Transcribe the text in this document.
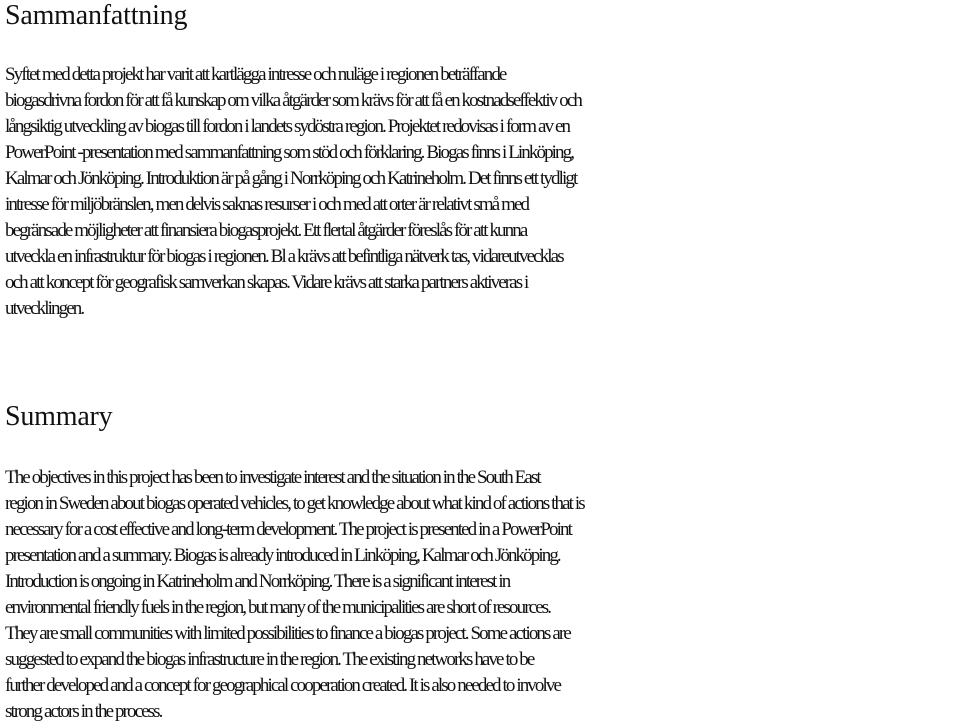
Sammanfattning

Syftet med detta projekt har varit att kartlägga intresse och nuläge i regionen beträffande
biogasdrivna fordon för att få kunskap om vilka åtgärder som krävs för att få en kostnadseffektiv och
långsiktig utveckling av biogas till fordon i landets sydöstra region. Projektet redovisas i form av en
PowerPoint -presentation med sammanfattning som stöd och förklaring. Biogas finns i Linköping,
Kalmar och Jönköping. Introduktion är på gång i Norrköping och Katrineholm. Det finns ett tydligt
intresse för miljöbränslen, men delvis saknas resurser i och med att orter är relativt små med
begränsade möjligheter att finansiera biogasprojekt. Ett flertal åtgärder föreslås för att kunna
utveckla en infrastruktur för biogas i regionen. Bl a krävs att befintliga nätverk tas, vidareutvecklas
och att koncept för geografisk samverkan skapas. Vidare krävs att starka partners aktiveras i
utvecklingen.

Summary

The objectives in this project has been to investigate interest and the situation in the South East
region in Sweden about biogas operated vehicles, to get knowledge about what kind of actions that is
necessary for a cost effective and long-term development. The project is presented in a PowerPoint
presentation and a summary. Biogas is already introduced in Linköping, Kalmar och Jönköping.
Introduction is ongoing in Katrineholm and Norrköping. There is a significant interest in
environmental friendly fuels in the region, but many of the municipalities are short of resources.
They are small communities with limited possibilities to finance a biogas project. Some actions are
suggested to expand the biogas infrastructure in the region. The existing networks have to be
further developed and a concept for geographical cooperation created. It is also needed to involve
strong actors in the process.
